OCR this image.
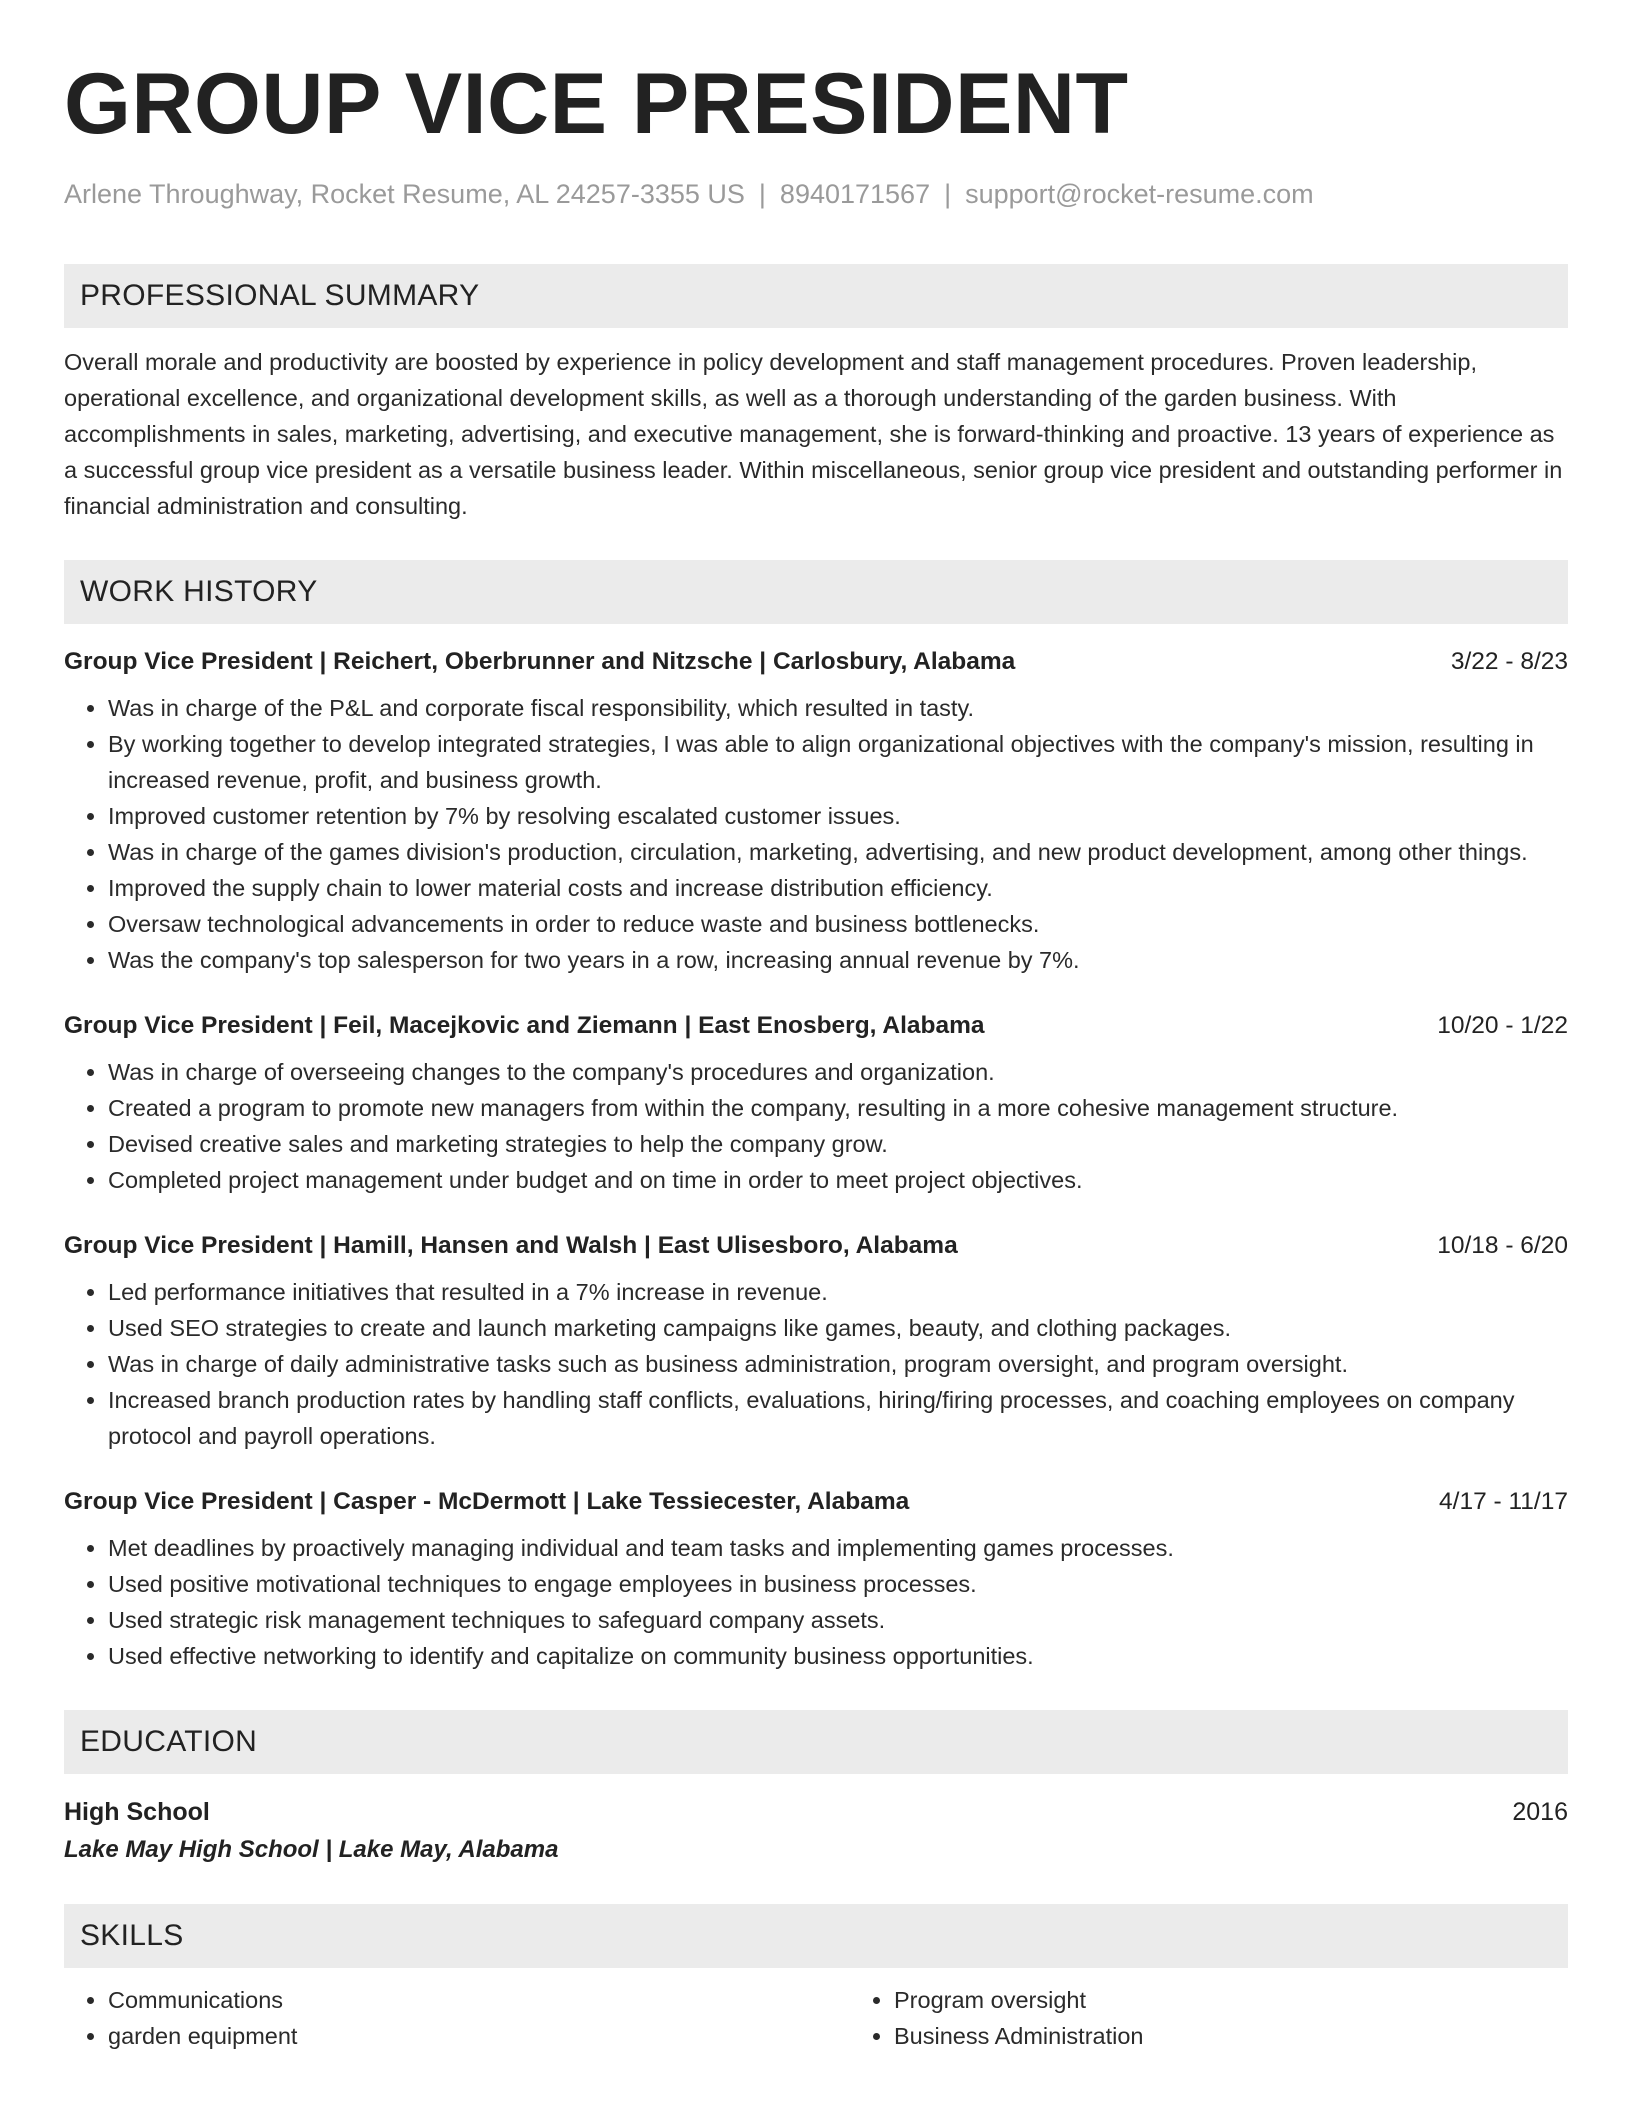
GROUP VICE PRESIDENT
Arlene Throughway, Rocket Resume, AL 24257-3355 US | 8940171567 | support@rocket-resume.com
PROFESSIONAL SUMMARY
Overall morale and productivity are boosted by experience in policy development and staff management procedures. Proven leadership, operational excellence, and organizational development skills, as well as a thorough understanding of the garden business. With accomplishments in sales, marketing, advertising, and executive management, she is forward-thinking and proactive. 13 years of experience as a successful group vice president as a versatile business leader. Within miscellaneous, senior group vice president and outstanding performer in financial administration and consulting.
WORK HISTORY
Group Vice President | Reichert, Oberbrunner and Nitzsche | Carlosbury, Alabama	3/22 - 8/23
• Was in charge of the P&L and corporate fiscal responsibility, which resulted in tasty.
• By working together to develop integrated strategies, I was able to align organizational objectives with the company's mission, resulting in increased revenue, profit, and business growth.
• Improved customer retention by 7% by resolving escalated customer issues.
• Was in charge of the games division's production, circulation, marketing, advertising, and new product development, among other things.
• Improved the supply chain to lower material costs and increase distribution efficiency.
• Oversaw technological advancements in order to reduce waste and business bottlenecks.
• Was the company's top salesperson for two years in a row, increasing annual revenue by 7%.
Group Vice President | Feil, Macejkovic and Ziemann | East Enosberg, Alabama	10/20 - 1/22
• Was in charge of overseeing changes to the company's procedures and organization.
• Created a program to promote new managers from within the company, resulting in a more cohesive management structure.
• Devised creative sales and marketing strategies to help the company grow.
• Completed project management under budget and on time in order to meet project objectives.
Group Vice President | Hamill, Hansen and Walsh | East Ulisesboro, Alabama	10/18 - 6/20
• Led performance initiatives that resulted in a 7% increase in revenue.
• Used SEO strategies to create and launch marketing campaigns like games, beauty, and clothing packages.
• Was in charge of daily administrative tasks such as business administration, program oversight, and program oversight.
• Increased branch production rates by handling staff conflicts, evaluations, hiring/firing processes, and coaching employees on company protocol and payroll operations.
Group Vice President | Casper - McDermott | Lake Tessiecester, Alabama	4/17 - 11/17
• Met deadlines by proactively managing individual and team tasks and implementing games processes.
• Used positive motivational techniques to engage employees in business processes.
• Used strategic risk management techniques to safeguard company assets.
• Used effective networking to identify and capitalize on community business opportunities.
EDUCATION
High School	2016
Lake May High School | Lake May, Alabama
SKILLS
• Communications
• garden equipment
• Program oversight
• Business Administration
